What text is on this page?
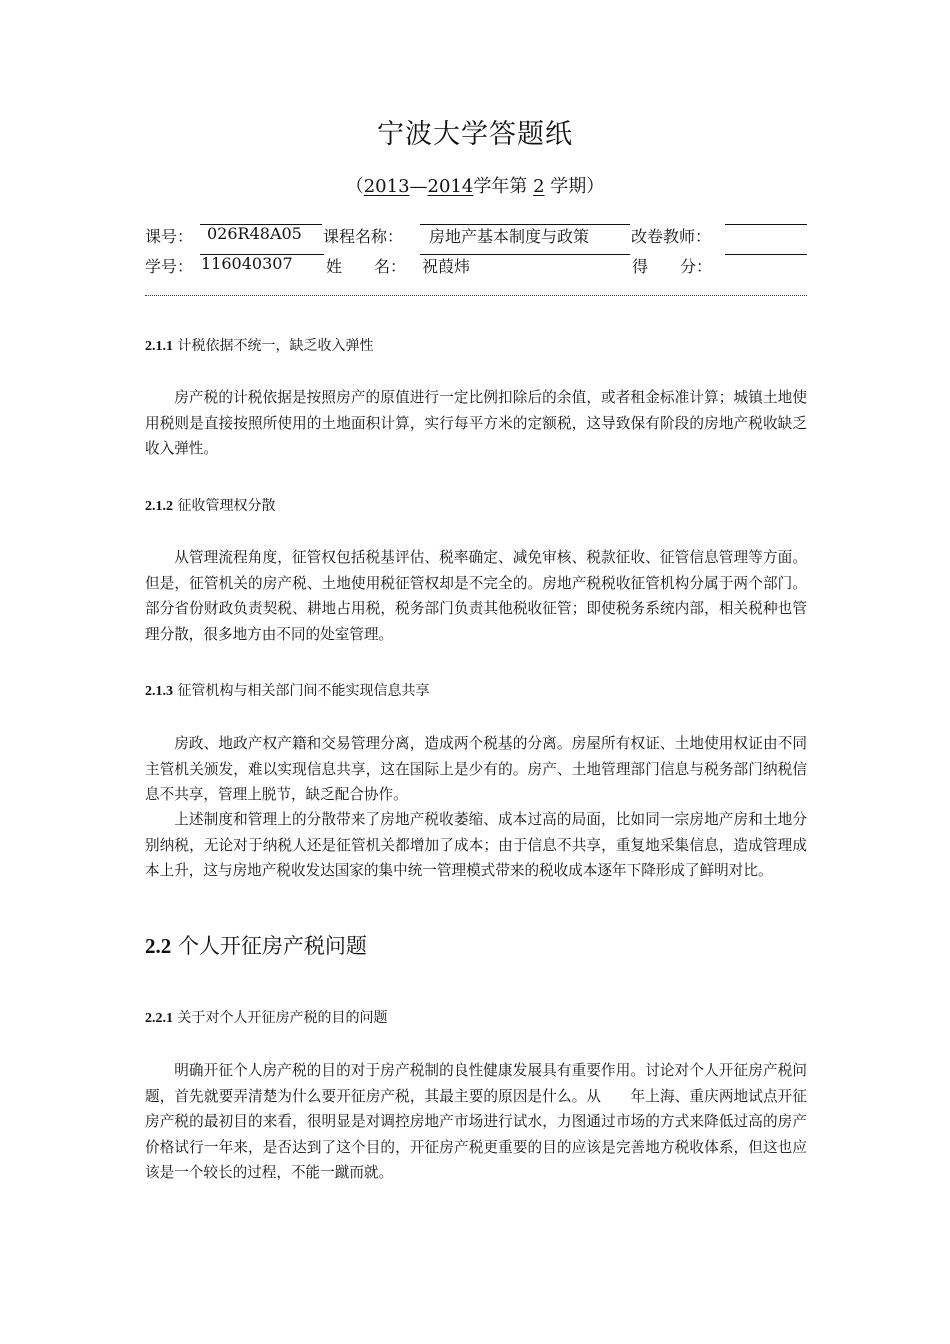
宁波大学答题纸
（2013—2014学年第 2 学期）
课号： 026R48A05 课程名称： 房地产基本制度与政策	改卷教师：
学号： 116040307 姓　　名： 祝葭炜	得　　分：
2.1.1 计税依据不统一，缺乏收入弹性
房产税的计税依据是按照房产的原值进行一定比例扣除后的余值，或者租金标准计算；城镇土地使用税则是直接按照所使用的土地面积计算，实行每平方米的定额税，这导致保有阶段的房地产税收缺乏收入弹性。
2.1.2 征收管理权分散
从管理流程角度，征管权包括税基评估、税率确定、减免审核、税款征收、征管信息管理等方面。但是，征管机关的房产税、土地使用税征管权却是不完全的。房地产税税收征管机构分属于两个部门。部分省份财政负责契税、耕地占用税，税务部门负责其他税收征管；即使税务系统内部，相关税种也管理分散，很多地方由不同的处室管理。
2.1.3 征管机构与相关部门间不能实现信息共享
房政、地政产权产籍和交易管理分离，造成两个税基的分离。房屋所有权证、土地使用权证由不同主管机关颁发，难以实现信息共享，这在国际上是少有的。房产、土地管理部门信息与税务部门纳税信息不共享，管理上脱节，缺乏配合协作。
上述制度和管理上的分散带来了房地产税收萎缩、成本过高的局面，比如同一宗房地产房和土地分别纳税，无论对于纳税人还是征管机关都增加了成本；由于信息不共享，重复地采集信息，造成管理成本上升，这与房地产税收发达国家的集中统一管理模式带来的税收成本逐年下降形成了鲜明对比。
2.2 个人开征房产税问题
2.2.1 关于对个人开征房产税的目的问题
明确开征个人房产税的目的对于房产税制的良性健康发展具有重要作用。讨论对个人开征房产税问题，首先就要弄清楚为什么要开征房产税，其最主要的原因是什么。从　　年上海、重庆两地试点开征房产税的最初目的来看，很明显是对调控房地产市场进行试水，力图通过市场的方式来降低过高的房产价格试行一年来，是否达到了这个目的，开征房产税更重要的目的应该是完善地方税收体系，但这也应该是一个较长的过程，不能一蹴而就。
